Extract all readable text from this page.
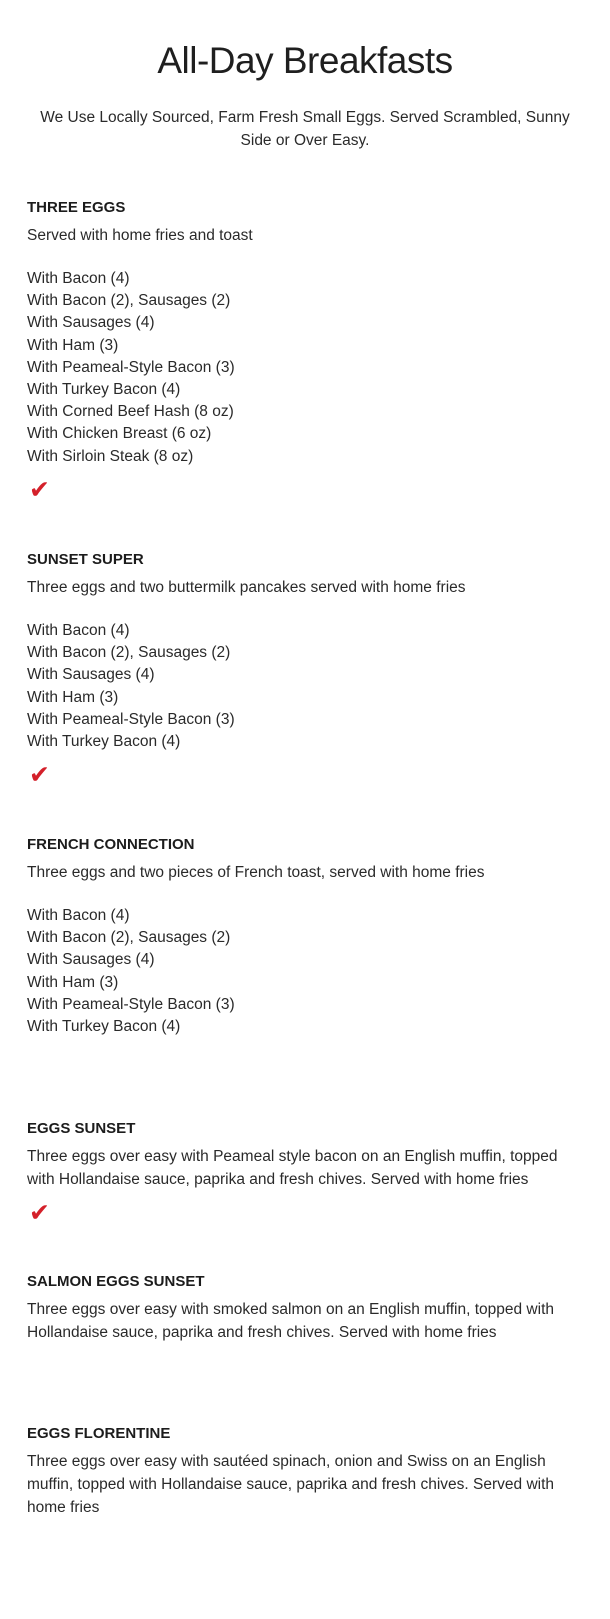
All-Day Breakfasts

We Use Locally Sourced, Farm Fresh Small Eggs. Served Scrambled, Sunny Side or Over Easy.

THREE EGGS

Served with home fries and toast

With Bacon (4)
With Bacon (2), Sausages (2)
With Sausages (4)
With Ham (3)
With Peameal-Style Bacon (3)
With Turkey Bacon (4)
With Corned Beef Hash (8 oz)
With Chicken Breast (6 oz)
With Sirloin Steak (8 oz)
✔
SUNSET SUPER

Three eggs and two buttermilk pancakes served with home fries

With Bacon (4)
With Bacon (2), Sausages (2)
With Sausages (4)
With Ham (3)
With Peameal-Style Bacon (3)
With Turkey Bacon (4)
✔
FRENCH CONNECTION

Three eggs and two pieces of French toast, served with home fries

With Bacon (4)
With Bacon (2), Sausages (2)
With Sausages (4)
With Ham (3)
With Peameal-Style Bacon (3)
With Turkey Bacon (4)
EGGS SUNSET

Three eggs over easy with Peameal style bacon on an English muffin, topped with Hollandaise sauce, paprika and fresh chives. Served with home fries

✔
SALMON EGGS SUNSET

Three eggs over easy with smoked salmon on an English muffin, topped with Hollandaise sauce, paprika and fresh chives. Served with home fries

EGGS FLORENTINE

Three eggs over easy with sautéed spinach, onion and Swiss on an English muffin, topped with Hollandaise sauce, paprika and fresh chives. Served with home fries
